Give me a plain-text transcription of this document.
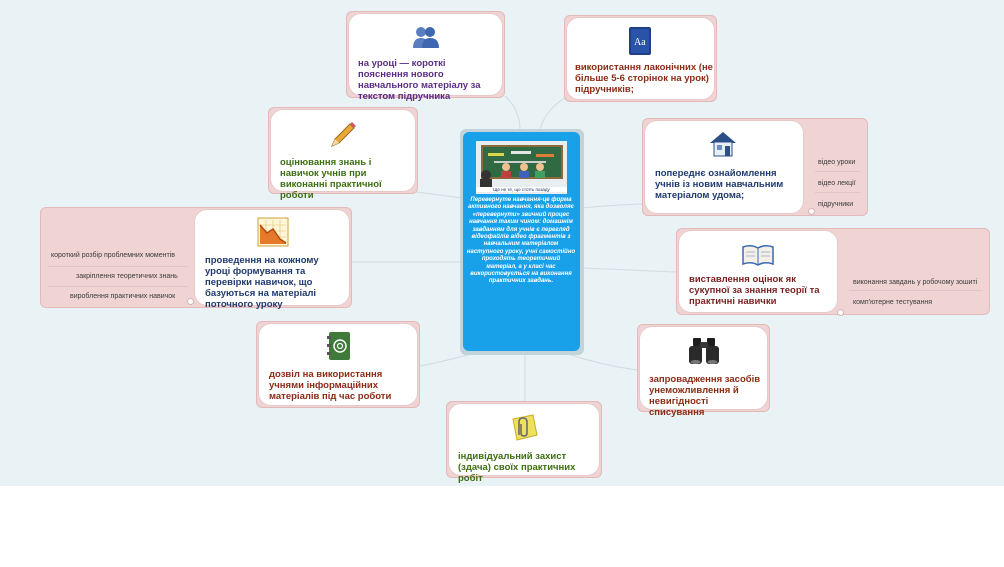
Ще не те, що стоїть позаду
Перевернуте навчання-це форма активного навчання, яка дозволяє «перевернути» звичний процес навчання таким чином: домашнім завданням для учнів є перегляд відеофайлів відео фрагментів з навчальним матеріалом наступного уроку, учні самостійно проходять теоретичний матеріал, а у класі час використовується на виконання практичних завдань.
на уроці — короткі пояснення нового навчального матеріалу за текстом підручника
Aa
використання лаконічних (не більше 5-6 сторінок на урок) підручників;
оцінювання знань і навичок учнів при виконанні практичної роботи
попереднє ознайомлення учнів із новим навчальним матеріалом удома;
відео уроки
відео лекції
підручники
проведення на кожному уроці формування та перевірки навичок, що базуються на матеріалі поточного уроку
короткий розбір проблемних моментів
закріплення теоретичних знань
вироблення практичних навичок
виставлення оцінок як сукупної за знання теорії та практичні навички
виконання завдань у робочому зошиті
комп'ютерне тестування
дозвіл на використання учнями інформаційних матеріалів під час роботи
запровадження засобів унеможливлення й невигідності списування
індивідуальний захист (здача) своїх практичних робіт
